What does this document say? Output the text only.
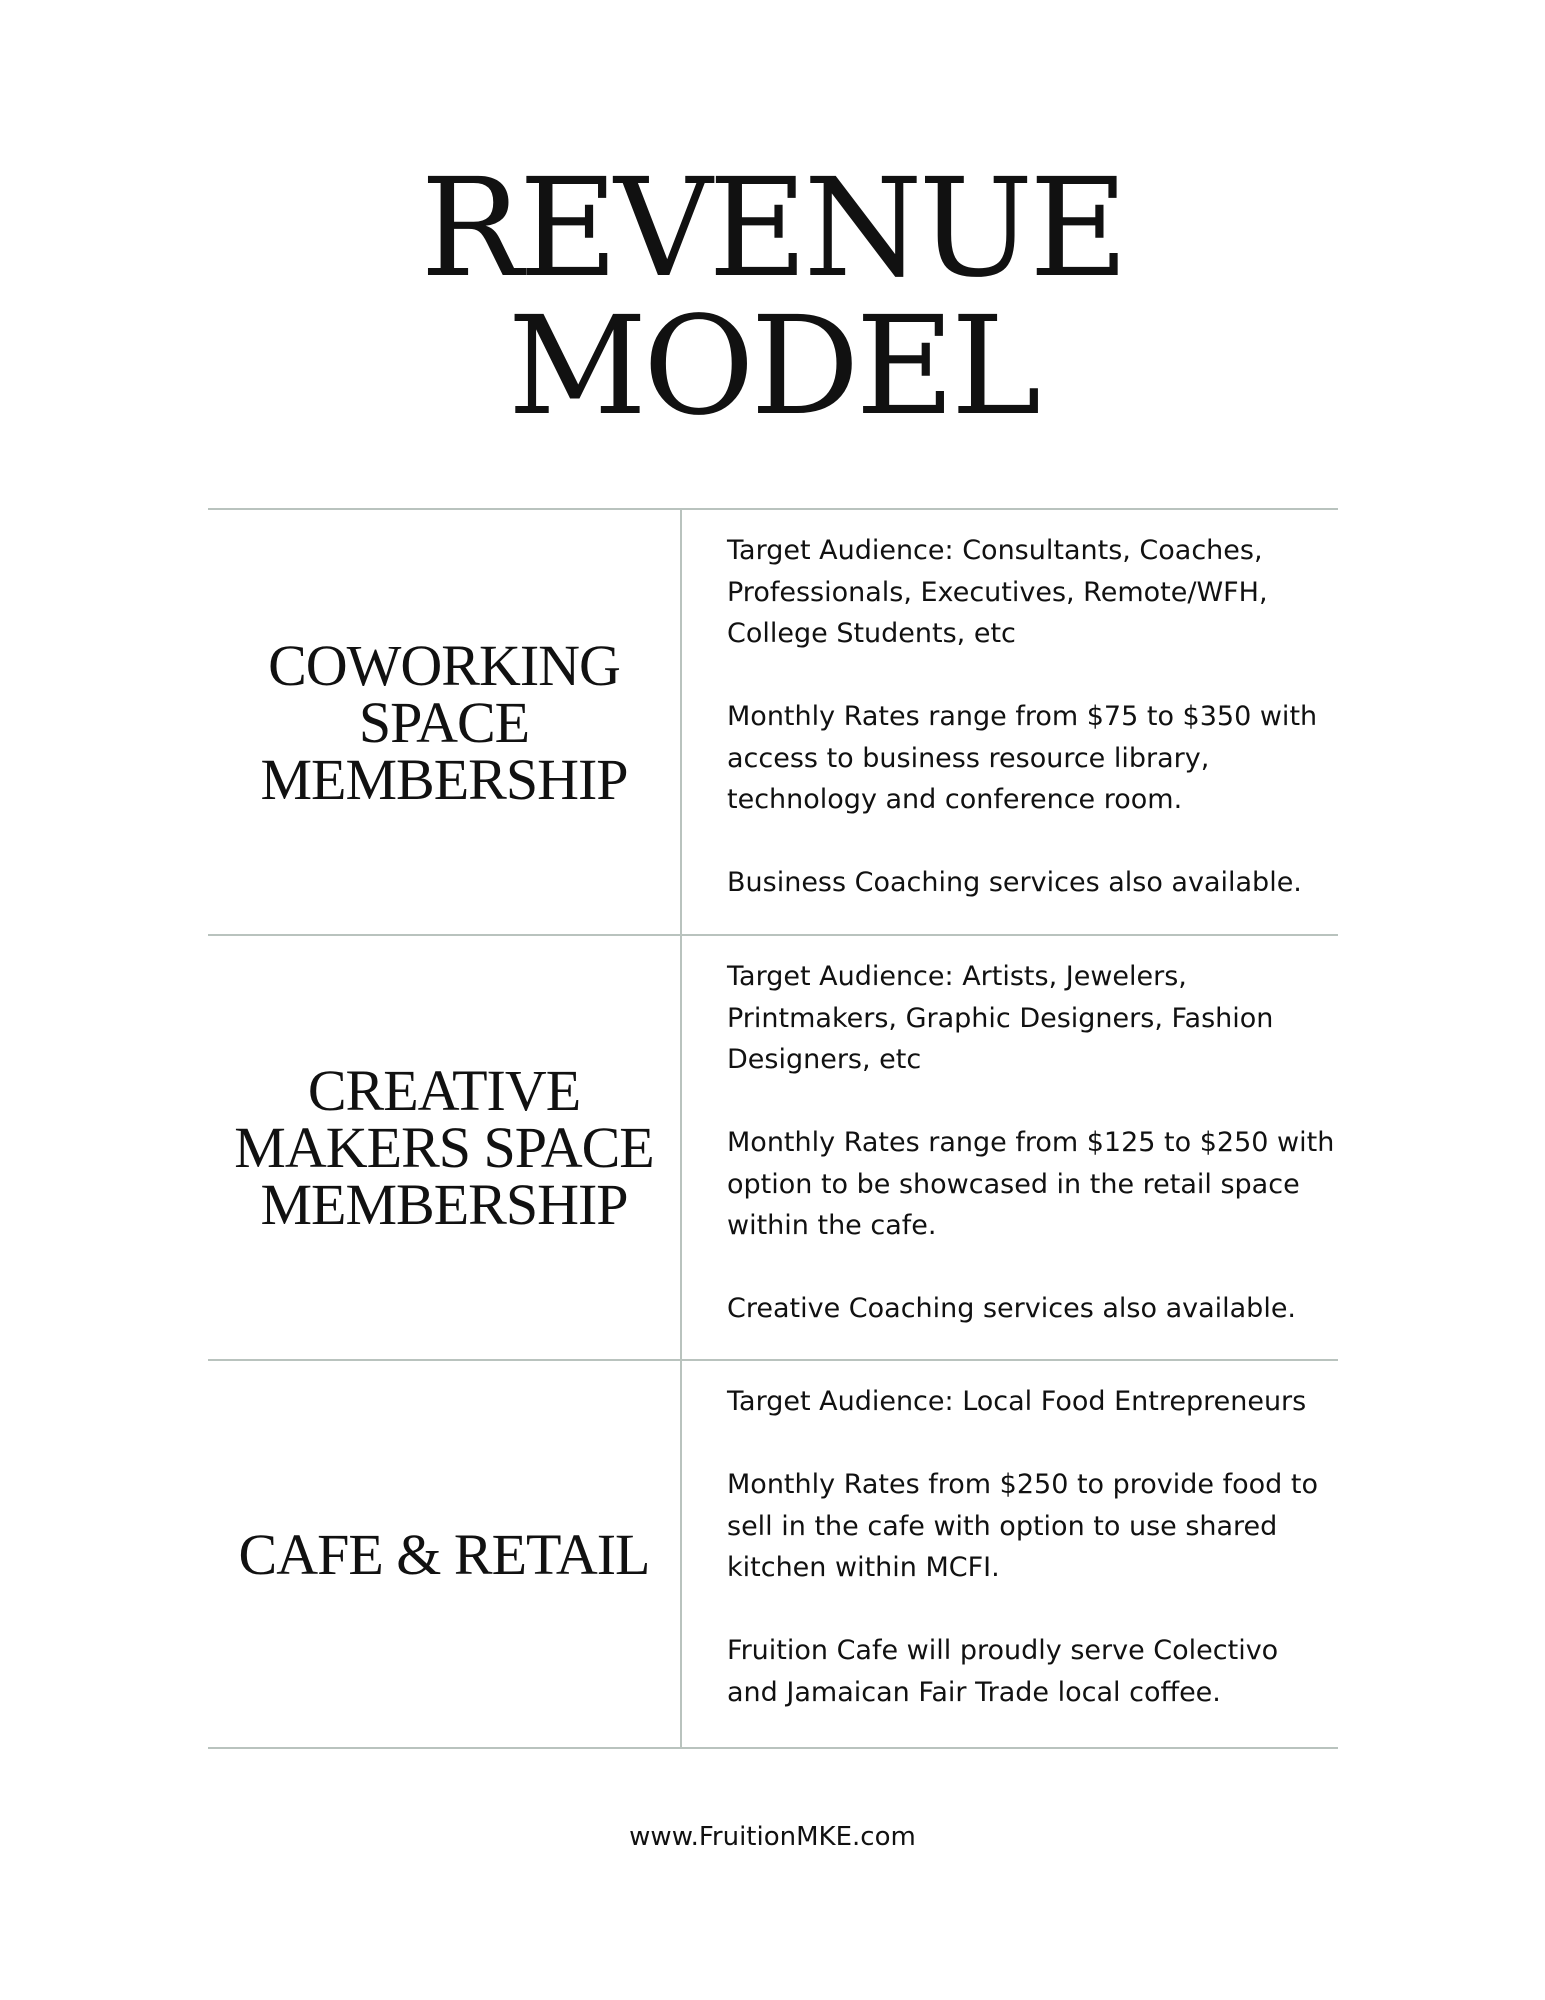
REVENUE
MODEL
COWORKING
SPACE
MEMBERSHIP

Target Audience: Consultants, Coaches,
Professionals, Executives, Remote/WFH,
College Students, etc

Monthly Rates range from $75 to $350 with
access to business resource library,
technology and conference room.

Business Coaching services also available.

CREATIVE
MAKERS SPACE
MEMBERSHIP

Target Audience: Artists, Jewelers,
Printmakers, Graphic Designers, Fashion
Designers, etc

Monthly Rates range from $125 to $250 with
option to be showcased in the retail space
within the cafe.

Creative Coaching services also available.

CAFE & RETAIL

Target Audience: Local Food Entrepreneurs

Monthly Rates from $250 to provide food to
sell in the cafe with option to use shared
kitchen within MCFI.

Fruition Cafe will proudly serve Colectivo
and Jamaican Fair Trade local coffee.

www.FruitionMKE.com
